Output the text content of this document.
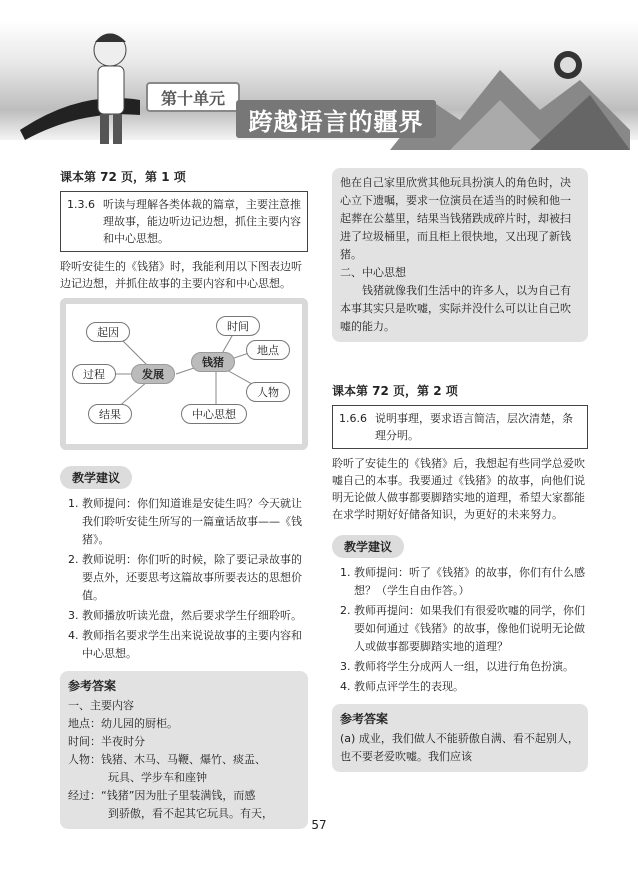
第十单元
跨越语言的疆界
课本第 72 页，第 1 项
1.3.6 听读与理解各类体裁的篇章，主要注意推理故事，能边听边记边想，抓住主要内容和中心思想。
聆听安徒生的《钱猪》时，我能利用以下图表边听边记边想，并抓住故事的主要内容和中心思想。
起因
过程
结果
发展
钱猪
时间
地点
人物
中心思想
教学建议
1. 教师提问：你们知道谁是安徒生吗？今天就让我们聆听安徒生所写的一篇童话故事——《钱猪》。
2. 教师说明：你们听的时候，除了要记录故事的要点外，还要思考这篇故事所要表达的思想价值。
3. 教师播放听读光盘，然后要求学生仔细聆听。
4. 教师指名要求学生出来说说故事的主要内容和中心思想。
参考答案
一、主要内容
地点：幼儿园的厨柜。
时间：半夜时分
人物：钱猪、木马、马鞭、爆竹、痰盂、
玩具、学步车和座钟
经过：“钱猪”因为肚子里装满钱，而感
到骄傲，看不起其它玩具。有天，
他在自己家里欣赏其他玩具扮演人的角色时，决心立下遗嘱，要求一位演员在适当的时候和他一起葬在公墓里，结果当钱猪跌成碎片时，却被扫进了垃圾桶里，而且柜上很快地，又出现了新钱猪。
二、中心思想
钱猪就像我们生活中的许多人，以为自己有本事其实只是吹嘘，实际并没什么可以让自己吹嘘的能力。
课本第 72 页，第 2 项
1.6.6 说明事理，要求语言简洁，层次清楚，条理分明。
聆听了安徒生的《钱猪》后，我想起有些同学总爱吹嘘自己的本事。我要通过《钱猪》的故事，向他们说明无论做人做事都要脚踏实地的道理，希望大家都能在求学时期好好储备知识，为更好的未来努力。
教学建议
1. 教师提问：听了《钱猪》的故事，你们有什么感想？（学生自由作答。）
2. 教师再提问：如果我们有很爱吹嘘的同学，你们要如何通过《钱猪》的故事，像他们说明无论做人或做事都要脚踏实地的道理？
3. 教师将学生分成两人一组，以进行角色扮演。
4. 教师点评学生的表现。
参考答案
(a) 成业，我们做人不能骄傲自满、看不起别人，也不要老爱吹嘘。我们应该
57
